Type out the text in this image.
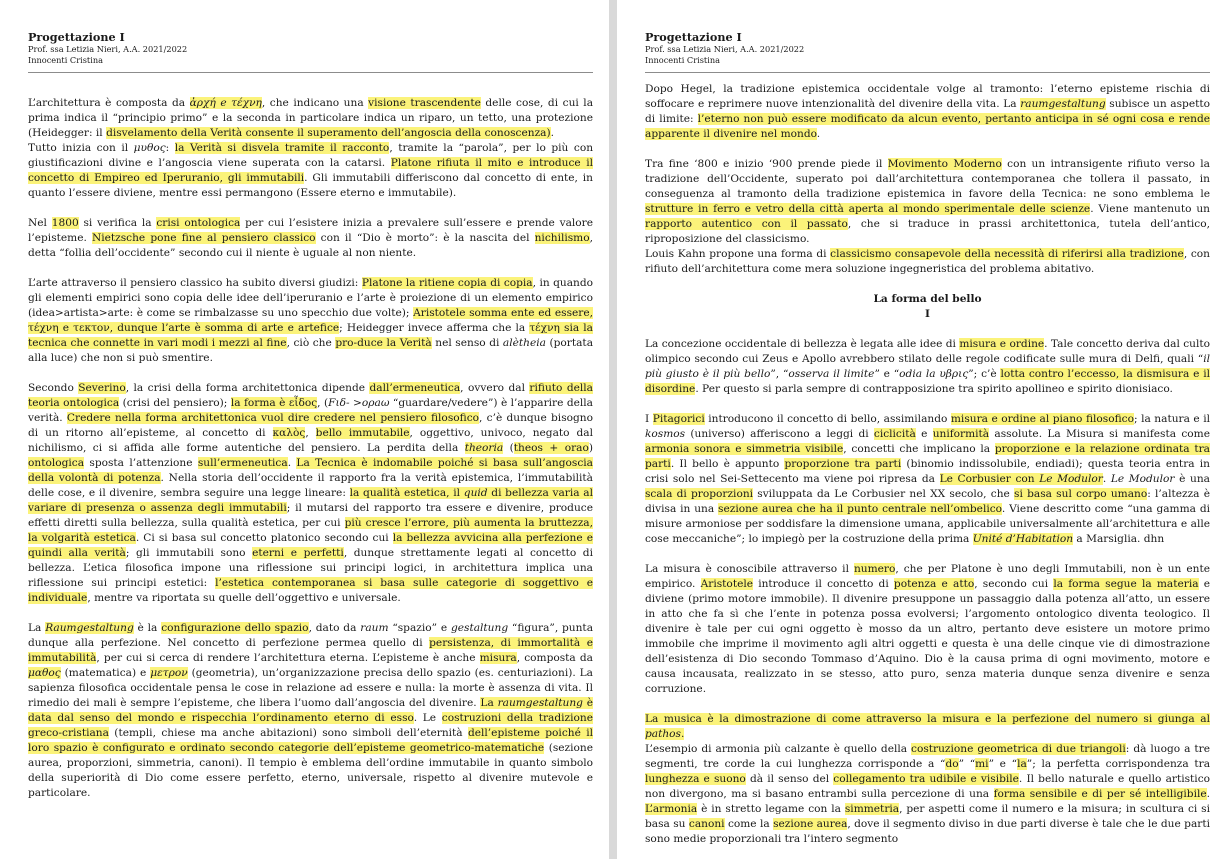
Progettazione I
Prof. ssa Letizia Nieri, A.A. 2021/2022
Innocenti Cristina

L’architettura è composta da ἀρχή e τέχνη, che indicano una visione trascendente delle cose, di cui la prima indica il “principio primo” e la seconda in particolare indica un riparo, un tetto, una protezione (Heidegger: il disvelamento della Verità consente il superamento dell’angoscia della conoscenza).
Tutto inizia con il μυθος: la Verità si disvela tramite il racconto, tramite la “parola”, per lo più con giustificazioni divine e l’angoscia viene superata con la catarsi. Platone rifiuta il mito e introduce il concetto di Empireo ed Iperuranio, gli immutabili. Gli immutabili differiscono dal concetto di ente, in quanto l’essere diviene, mentre essi permangono (Essere eterno e immutabile).

Nel 1800 si verifica la crisi ontologica per cui l’esistere inizia a prevalere sull’essere e prende valore l’episteme. Nietzsche pone fine al pensiero classico con il “Dio è morto”: è la nascita del nichilismo, detta “follia dell’occidente” secondo cui il niente è uguale al non niente.

L’arte attraverso il pensiero classico ha subito diversi giudizi: Platone la ritiene copia di copia, in quando gli elementi empirici sono copia delle idee dell’iperuranio e l’arte è proiezione di un elemento empirico (idea>artista>arte: è come se rimbalzasse su uno specchio due volte); Aristotele somma ente ed essere, τέχνη e τεκτον, dunque l’arte è somma di arte e artefice; Heidegger invece afferma che la τέχνη sia la tecnica che connette in vari modi i mezzi al fine, ciò che pro-duce la Verità nel senso di alètheia (portata alla luce) che non si può smentire.

Secondo Severino, la crisi della forma architettonica dipende dall’ermeneutica, ovvero dal rifiuto della teoria ontologica (crisi del pensiero); la forma è εἶδος, (Fιδ- >ορaω “guardare/vedere”) è l’apparire della verità. Credere nella forma architettonica vuol dire credere nel pensiero filosofico, c’è dunque bisogno di un ritorno all’episteme, al concetto di καλὸς, bello immutabile, oggettivo, univoco, negato dal nichilismo, ci si affida alle forme autentiche del pensiero. La perdita della theoria (theos + orao) ontologica sposta l’attenzione sull’ermeneutica. La Tecnica è indomabile poiché si basa sull’angoscia della volontà di potenza. Nella storia dell’occidente il rapporto fra la verità epistemica, l’immutabilità delle cose, e il divenire, sembra seguire una legge lineare: la qualità estetica, il quid di bellezza varia al variare di presenza o assenza degli immutabili; il mutarsi del rapporto tra essere e divenire, produce effetti diretti sulla bellezza, sulla qualità estetica, per cui più cresce l’errore, più aumenta la bruttezza, la volgarità estetica. Ci si basa sul concetto platonico secondo cui la bellezza avvicina alla perfezione e quindi alla verità; gli immutabili sono eterni e perfetti, dunque strettamente legati al concetto di bellezza. L’etica filosofica impone una riflessione sui principi logici, in architettura implica una riflessione sui principi estetici: l’estetica contemporanea si basa sulle categorie di soggettivo e individuale, mentre va riportata su quelle dell’oggettivo e universale.

La Raumgestaltung è la configurazione dello spazio, dato da raum “spazio” e gestaltung “figura”, punta dunque alla perfezione. Nel concetto di perfezione permea quello di persistenza, di immortalità e immutabilità, per cui si cerca di rendere l’architettura eterna. L’episteme è anche misura, composta da μαθος (matematica) e μετρον (geometria), un’organizzazione precisa dello spazio (es. centuriazioni). La sapienza filosofica occidentale pensa le cose in relazione ad essere e nulla: la morte è assenza di vita. Il rimedio dei mali è sempre l’episteme, che libera l’uomo dall’angoscia del divenire. La raumgestaltung è data dal senso del mondo e rispecchia l’ordinamento eterno di esso. Le costruzioni della tradizione greco-cristiana (templi, chiese ma anche abitazioni) sono simboli dell’eternità dell’episteme poiché il loro spazio è configurato e ordinato secondo categorie dell’episteme geometrico-matematiche (sezione aurea, proporzioni, simmetria, canoni). Il tempio è emblema dell’ordine immutabile in quanto simbolo della superiorità di Dio come essere perfetto, eterno, universale, rispetto al divenire mutevole e particolare.

Progettazione I
Prof. ssa Letizia Nieri, A.A. 2021/2022
Innocenti Cristina

Dopo Hegel, la tradizione epistemica occidentale volge al tramonto: l’eterno episteme rischia di soffocare e reprimere nuove intenzionalità del divenire della vita. La raumgestaltung subisce un aspetto di limite: l’eterno non può essere modificato da alcun evento, pertanto anticipa in sé ogni cosa e rende apparente il divenire nel mondo.

Tra fine ‘800 e inizio ‘900 prende piede il Movimento Moderno con un intransigente rifiuto verso la tradizione dell’Occidente, superato poi dall’architettura contemporanea che tollera il passato, in conseguenza al tramonto della tradizione epistemica in favore della Tecnica: ne sono emblema le strutture in ferro e vetro della città aperta al mondo sperimentale delle scienze. Viene mantenuto un rapporto autentico con il passato, che si traduce in prassi architettonica, tutela dell’antico, riproposizione del classicismo.
Louis Kahn propone una forma di classicismo consapevole della necessità di riferirsi alla tradizione, con rifiuto dell’architettura come mera soluzione ingegneristica del problema abitativo.

La forma del bello
I

La concezione occidentale di bellezza è legata alle idee di misura e ordine. Tale concetto deriva dal culto olimpico secondo cui Zeus e Apollo avrebbero stilato delle regole codificate sulle mura di Delfi, quali “il più giusto è il più bello”, “osserva il limite” e “odia la υβρις”; c’è lotta contro l’eccesso, la dismisura e il disordine. Per questo si parla sempre di contrapposizione tra spirito apollineo e spirito dionisiaco.

I Pitagorici introducono il concetto di bello, assimilando misura e ordine al piano filosofico; la natura e il kosmos (universo) afferiscono a leggi di ciclicità e uniformità assolute. La Misura si manifesta come armonia sonora e simmetria visibile, concetti che implicano la proporzione e la relazione ordinata tra parti. Il bello è appunto proporzione tra parti (binomio indissolubile, endiadi); questa teoria entra in crisi solo nel Sei-Settecento ma viene poi ripresa da Le Corbusier con Le Modulor. Le Modulor è una scala di proporzioni sviluppata da Le Corbusier nel XX secolo, che si basa sul corpo umano: l’altezza è divisa in una sezione aurea che ha il punto centrale nell’ombelico. Viene descritto come “una gamma di misure armoniose per soddisfare la dimensione umana, applicabile universalmente all’architettura e alle cose meccaniche”; lo impiegò per la costruzione della prima Unité d’Habitation a Marsiglia. dhn

La misura è conoscibile attraverso il numero, che per Platone è uno degli Immutabili, non è un ente empirico. Aristotele introduce il concetto di potenza e atto, secondo cui la forma segue la materia e diviene (primo motore immobile). Il divenire presuppone un passaggio dalla potenza all’atto, un essere in atto che fa sì che l’ente in potenza possa evolversi; l’argomento ontologico diventa teologico. Il divenire è tale per cui ogni oggetto è mosso da un altro, pertanto deve esistere un motore primo immobile che imprime il movimento agli altri oggetti e questa è una delle cinque vie di dimostrazione dell’esistenza di Dio secondo Tommaso d’Aquino. Dio è la causa prima di ogni movimento, motore e causa incausata, realizzato in se stesso, atto puro, senza materia dunque senza divenire e senza corruzione.

La musica è la dimostrazione di come attraverso la misura e la perfezione del numero si giunga al pathos.
L’esempio di armonia più calzante è quello della costruzione geometrica di due triangoli: dà luogo a tre segmenti, tre corde la cui lunghezza corrisponde a “do” “mi” e “la”; la perfetta corrispondenza tra lunghezza e suono dà il senso del collegamento tra udibile e visibile. Il bello naturale e quello artistico non divergono, ma si basano entrambi sulla percezione di una forma sensibile e di per sé intelligibile. L’armonia è in stretto legame con la simmetria, per aspetti come il numero e la misura; in scultura ci si basa su canoni come la sezione aurea, dove il segmento diviso in due parti diverse è tale che le due parti sono medie proporzionali tra l’intero segmento
